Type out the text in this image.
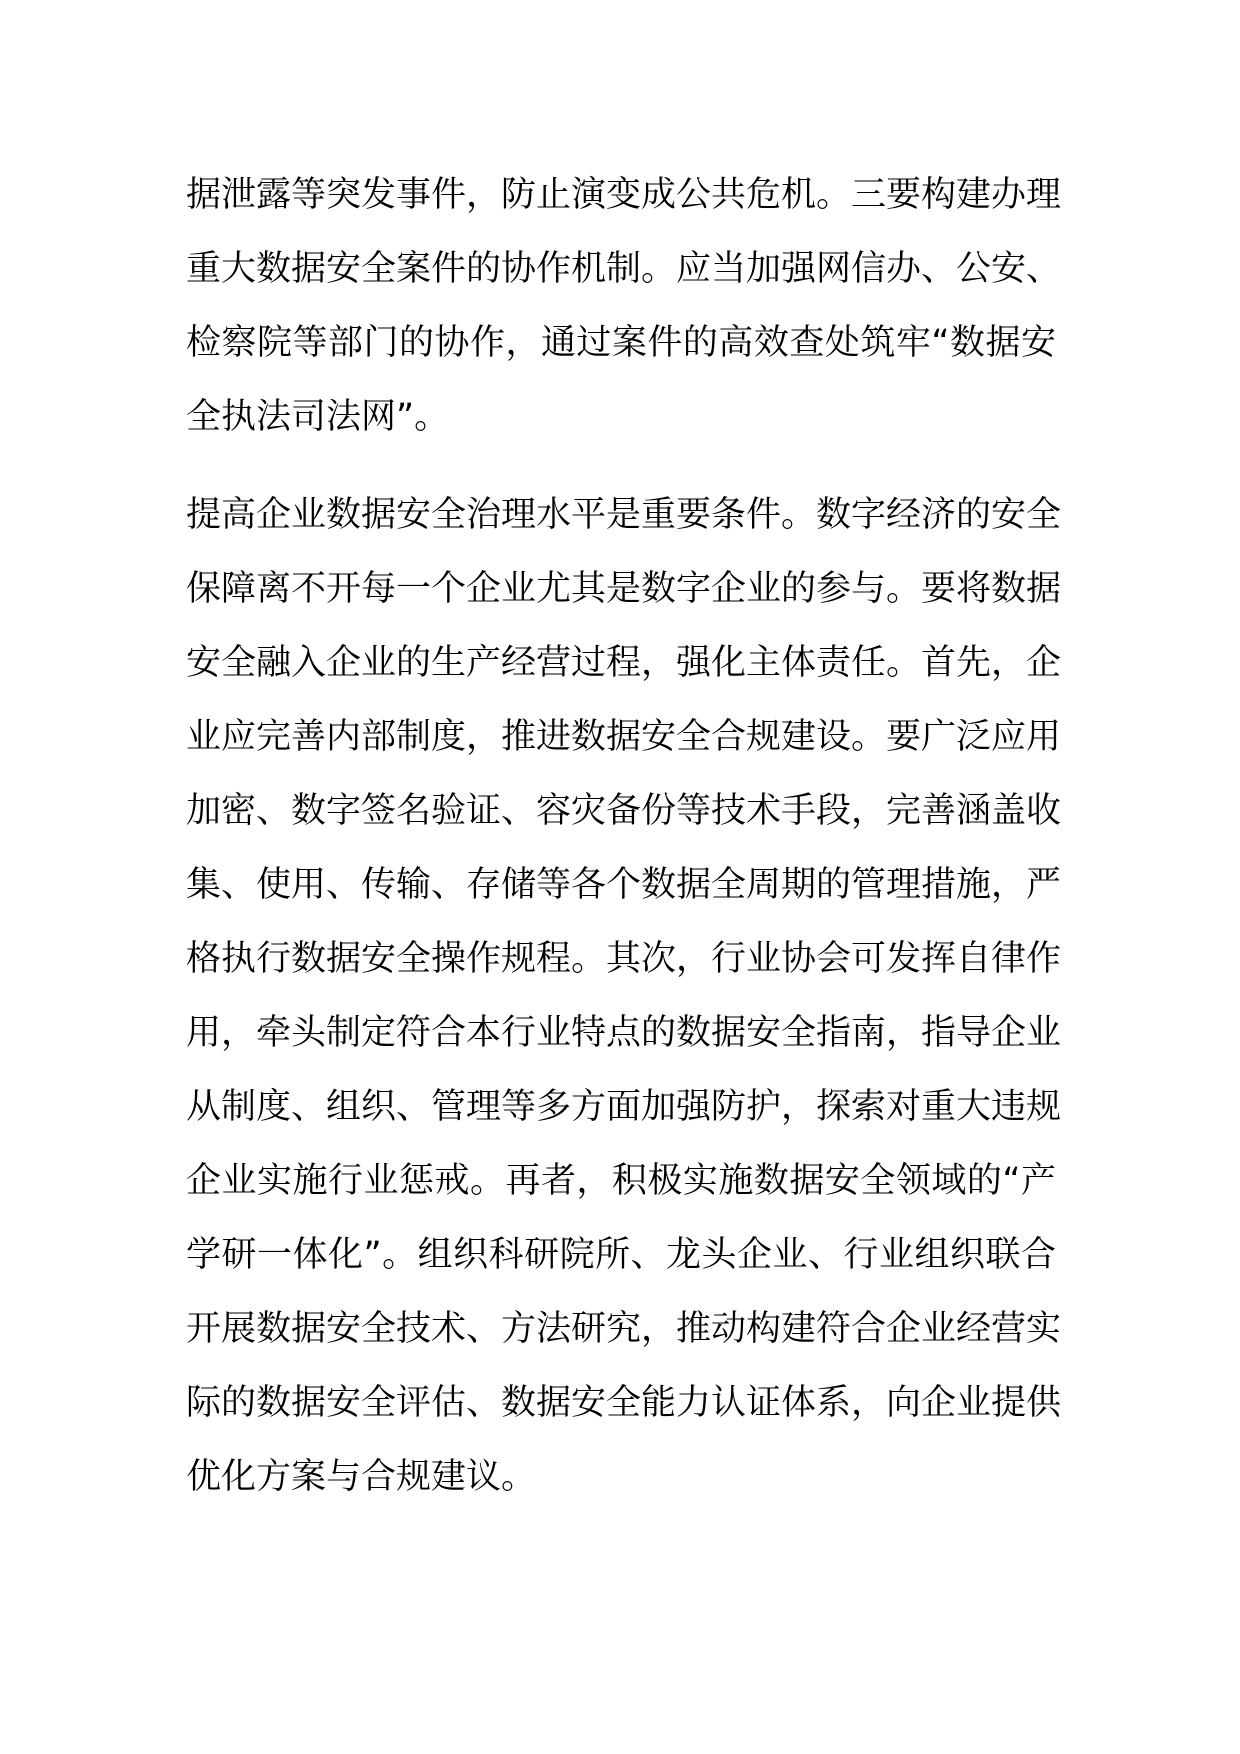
据泄露等突发事件，防止演变成公共危机。三要构建办理
重大数据安全案件的协作机制。应当加强网信办、公安、
检察院等部门的协作，通过案件的高效查处筑牢“数据安
全执法司法网”。
提高企业数据安全治理水平是重要条件。数字经济的安全
保障离不开每一个企业尤其是数字企业的参与。要将数据
安全融入企业的生产经营过程，强化主体责任。首先，企
业应完善内部制度，推进数据安全合规建设。要广泛应用
加密、数字签名验证、容灾备份等技术手段，完善涵盖收
集、使用、传输、存储等各个数据全周期的管理措施，严
格执行数据安全操作规程。其次，行业协会可发挥自律作
用，牵头制定符合本行业特点的数据安全指南，指导企业
从制度、组织、管理等多方面加强防护，探索对重大违规
企业实施行业惩戒。再者，积极实施数据安全领域的“产
学研一体化”。组织科研院所、龙头企业、行业组织联合
开展数据安全技术、方法研究，推动构建符合企业经营实
际的数据安全评估、数据安全能力认证体系，向企业提供
优化方案与合规建议。
